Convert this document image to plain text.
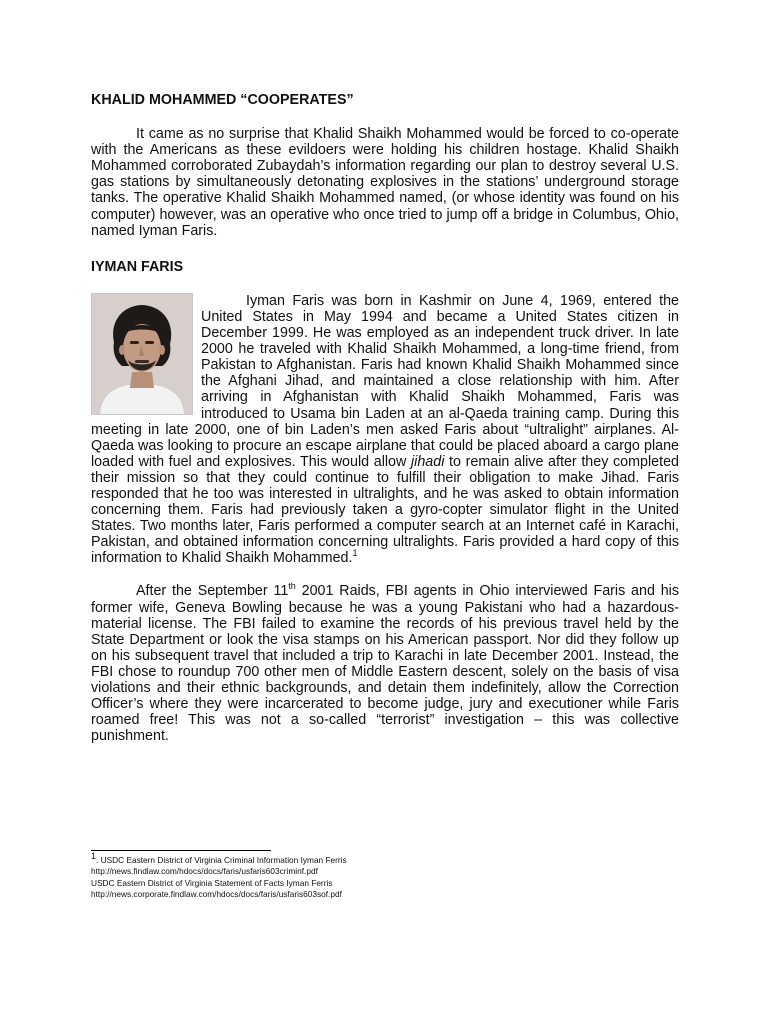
KHALID MOHAMMED “COOPERATES”

It came as no surprise that Khalid Shaikh Mohammed would be forced to co-operate with the Americans as these evildoers were holding his children hostage. Khalid Shaikh Mohammed corroborated Zubaydah’s information regarding our plan to destroy several U.S. gas stations by simultaneously detonating explosives in the stations’ underground storage tanks. The operative Khalid Shaikh Mohammed named, (or whose identity was found on his computer) however, was an operative who once tried to jump off a bridge in Columbus, Ohio, named Iyman Faris.

IYMAN FARIS

Iyman Faris was born in Kashmir on June 4, 1969, entered the United States in May 1994 and became a United States citizen in December 1999. He was employed as an independent truck driver. In late 2000 he traveled with Khalid Shaikh Mohammed, a long-time friend, from Pakistan to Afghanistan. Faris had known Khalid Shaikh Mohammed since the Afghani Jihad, and maintained a close relationship with him. After arriving in Afghanistan with Khalid Shaikh Mohammed, Faris was introduced to Usama bin Laden at an al-Qaeda training camp. During this meeting in late 2000, one of bin Laden’s men asked Faris about “ultralight” airplanes. Al-Qaeda was looking to procure an escape airplane that could be placed aboard a cargo plane loaded with fuel and explosives. This would allow jihadi to remain alive after they completed their mission so that they could continue to fulfill their obligation to make Jihad. Faris responded that he too was interested in ultralights, and he was asked to obtain information concerning them. Faris had previously taken a gyro-copter simulator flight in the United States. Two months later, Faris performed a computer search at an Internet café in Karachi, Pakistan, and obtained information concerning ultralights. Faris provided a hard copy of this information to Khalid Shaikh Mohammed.$^1$

After the September 11th 2001 Raids, FBI agents in Ohio interviewed Faris and his former wife, Geneva Bowling because he was a young Pakistani who had a hazardous-material license. The FBI failed to examine the records of his previous travel held by the State Department or look the visa stamps on his American passport. Nor did they follow up on his subsequent travel that included a trip to Karachi in late December 2001. Instead, the FBI chose to roundup 700 other men of Middle Eastern descent, solely on the basis of visa violations and their ethnic backgrounds, and detain them indefinitely, allow the Correction Officer’s where they were incarcerated to become judge, jury and executioner while Faris roamed free! This was not a so-called “terrorist” investigation – this was collective punishment.

$^1$. USDC Eastern District of Virginia Criminal Information Iyman Ferris
http://news.findlaw.com/hdocs/docs/faris/usfaris603criminf.pdf
USDC Eastern District of Virginia Statement of Facts Iyman Ferris
http://news.corporate.findlaw.com/hdocs/docs/faris/usfaris603sof.pdf
